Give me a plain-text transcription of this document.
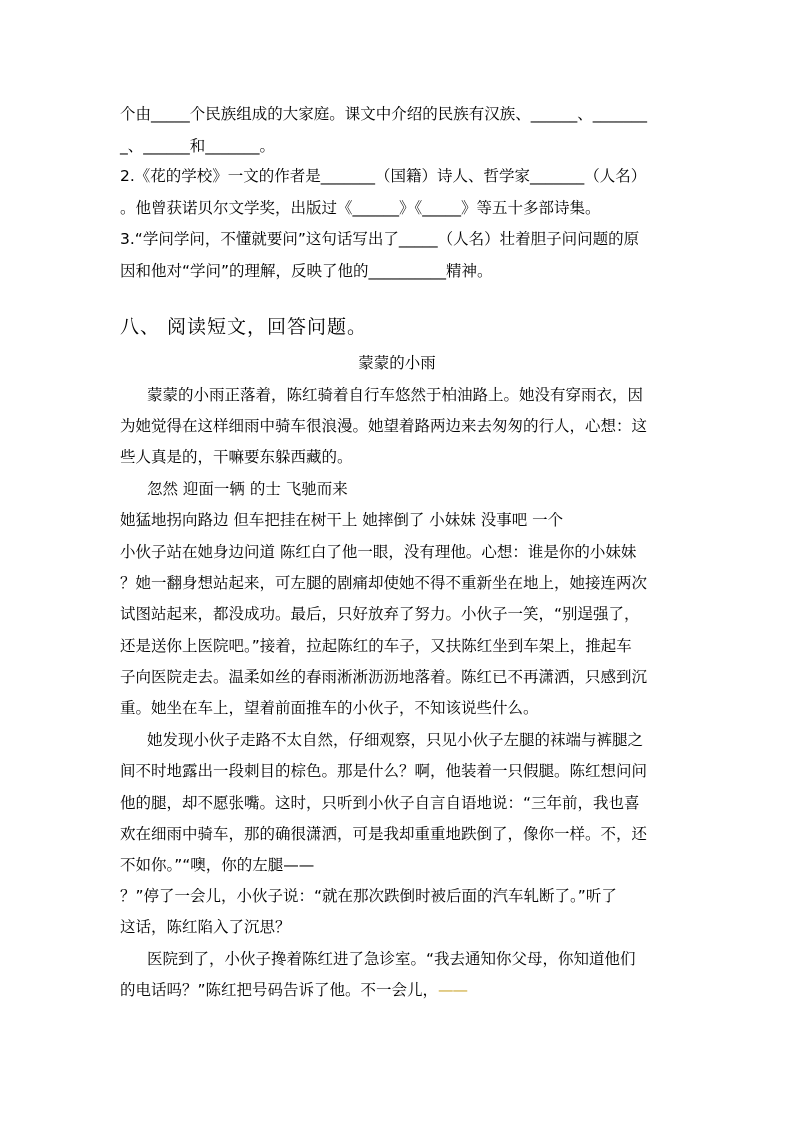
个由_____个民族组成的大家庭。课文中介绍的民族有汉族、______、_______
_、______和_______。
2.《花的学校》一文的作者是_______（国籍）诗人、哲学家_______（人名）
。他曾获诺贝尔文学奖，出版过《______》《_____》等五十多部诗集。
3.“学问学问，不懂就要问”这句话写出了_____（人名）壮着胆子问问题的原
因和他对“学问”的理解，反映了他的__________精神。
八、 阅读短文，回答问题。
蒙蒙的小雨
蒙蒙的小雨正落着，陈红骑着自行车悠然于柏油路上。她没有穿雨衣，因
为她觉得在这样细雨中骑车很浪漫。她望着路两边来去匆匆的行人，心想：这
些人真是的，干嘛要东躲西藏的。
忽然 迎面一辆 的士 飞驰而来
她猛地拐向路边 但车把挂在树干上 她摔倒了 小妹妹 没事吧 一个
小伙子站在她身边问道 陈红白了他一眼，没有理他。心想：谁是你的小妹妹
？她一翻身想站起来，可左腿的剧痛却使她不得不重新坐在地上，她接连两次
试图站起来，都没成功。最后，只好放弃了努力。小伙子一笑，“别逞强了，
还是送你上医院吧。”接着，拉起陈红的车子，又扶陈红坐到车架上，推起车
子向医院走去。温柔如丝的春雨淅淅沥沥地落着。陈红已不再潇洒，只感到沉
重。她坐在车上，望着前面推车的小伙子，不知该说些什么。
她发现小伙子走路不太自然，仔细观察，只见小伙子左腿的袜端与裤腿之
间不时地露出一段刺目的棕色。那是什么？啊，他装着一只假腿。陈红想问问
他的腿，却不愿张嘴。这时，只听到小伙子自言自语地说：“三年前，我也喜
欢在细雨中骑车，那的确很潇洒，可是我却重重地跌倒了，像你一样。不，还
不如你。”“噢，你的左腿——
？”停了一会儿，小伙子说：“就在那次跌倒时被后面的汽车轧断了。”听了
这话，陈红陷入了沉思？
医院到了，小伙子搀着陈红进了急诊室。“我去通知你父母，你知道他们
的电话吗？”陈红把号码告诉了他。不一会儿，——
